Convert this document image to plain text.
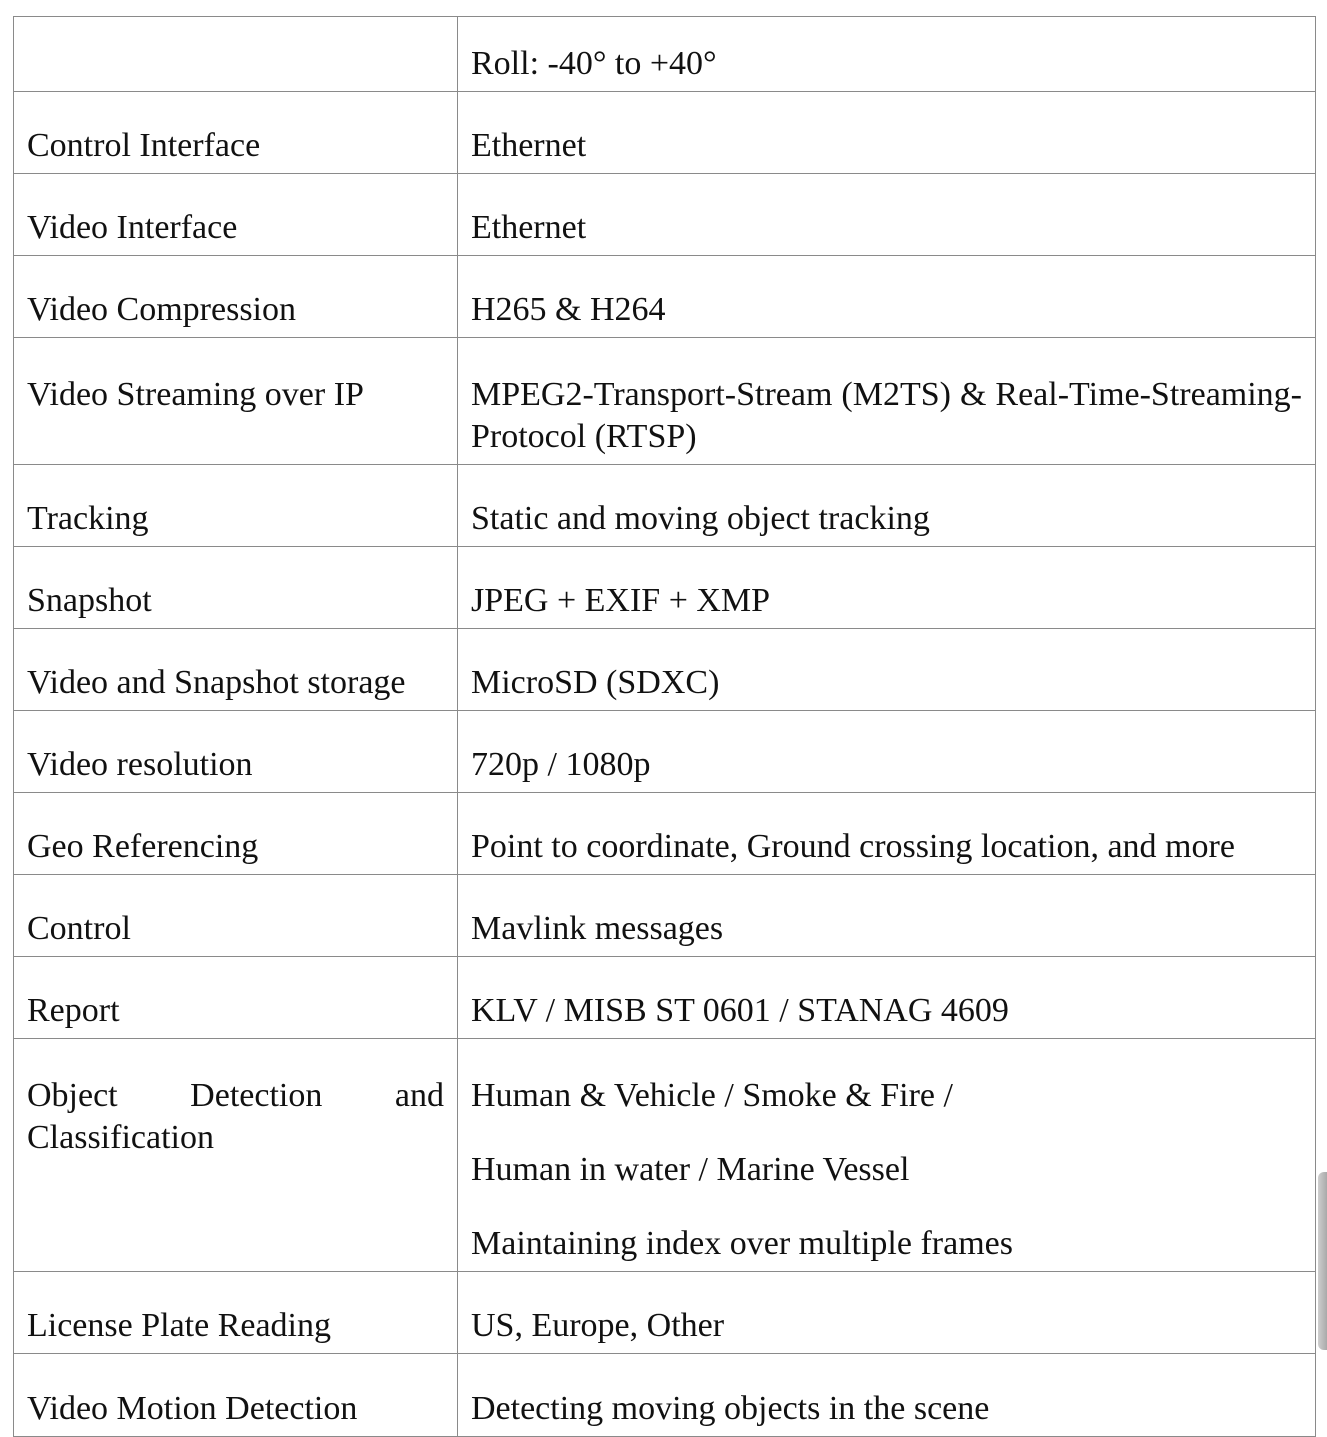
	Roll: -40° to +40°
Control Interface	Ethernet
Video Interface	Ethernet
Video Compression	H265 & H264
Video Streaming over IP	MPEG2-Transport-Stream (M2TS) & Real-Time-Streaming-Protocol (RTSP)
Tracking	Static and moving object tracking
Snapshot	JPEG + EXIF + XMP
Video and Snapshot storage	MicroSD (SDXC)
Video resolution	720p / 1080p
Geo Referencing	Point to coordinate, Ground crossing location, and more
Control	Mavlink messages
Report	KLV / MISB ST 0601 / STANAG 4609
Object Detection and Classification	Human & Vehicle / Smoke & Fire /
Human in water / Marine Vessel
Maintaining index over multiple frames

License Plate Reading	US, Europe, Other
Video Motion Detection	Detecting moving objects in the scene
